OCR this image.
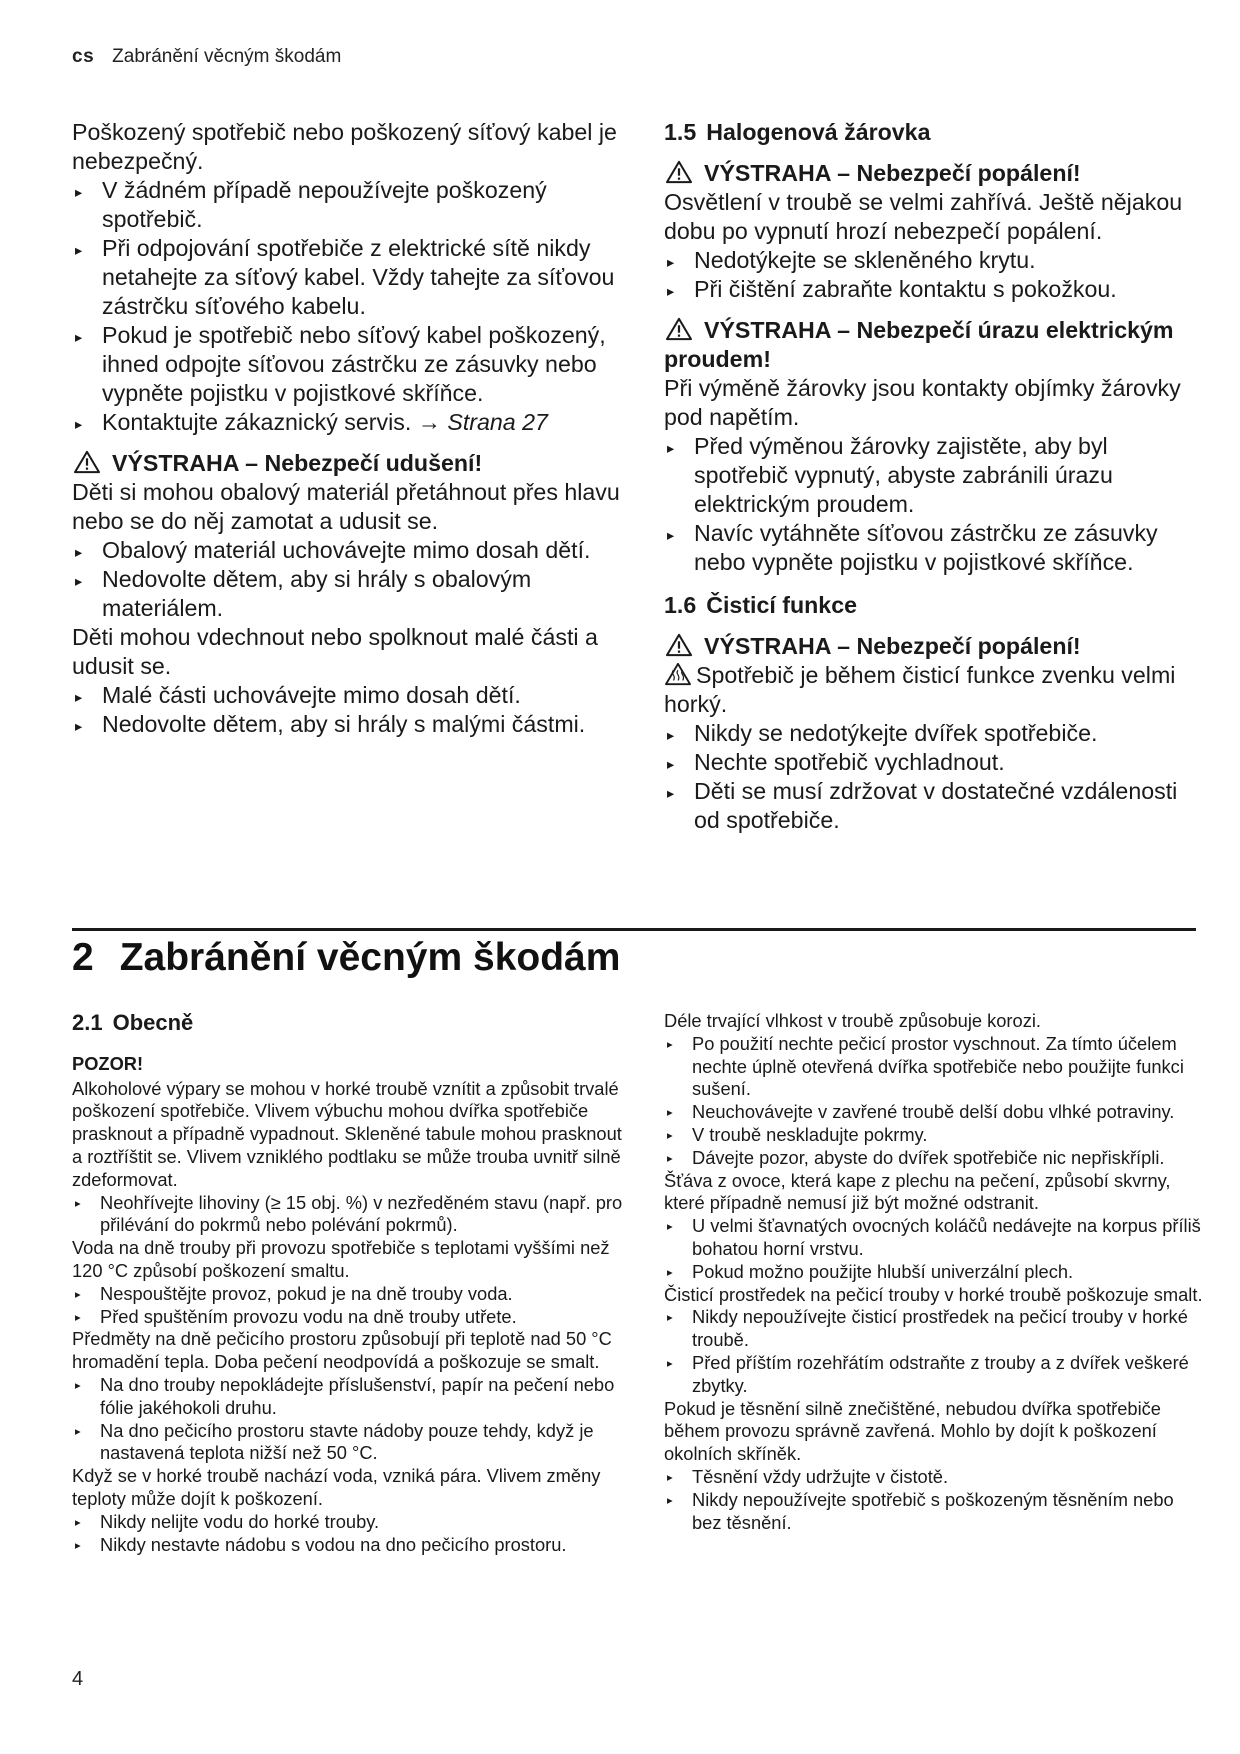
cs Zabránění věcným škodám

Poškozený spotřebič nebo poškozený síťový kabel je nebezpečný.

▸ V žádném případě nepoužívejte poškozený spotřebič.
▸ Při odpojování spotřebiče z elektrické sítě nikdy netahejte za síťový kabel. Vždy tahejte za síťovou zástrčku síťového kabelu.
▸ Pokud je spotřebič nebo síťový kabel poškozený, ihned odpojte síťovou zástrčku ze zásuvky nebo vypněte pojistku v pojistkové skříňce.
▸ Kontaktujte zákaznický servis. → Strana 27
VÝSTRAHA – Nebezpečí udušení!

Děti si mohou obalový materiál přetáhnout přes hlavu nebo se do něj zamotat a udusit se.

▸ Obalový materiál uchovávejte mimo dosah dětí.
▸ Nedovolte dětem, aby si hrály s obalovým materiálem.

Děti mohou vdechnout nebo spolknout malé části a udusit se.

▸ Malé části uchovávejte mimo dosah dětí.
▸ Nedovolte dětem, aby si hrály s malými částmi.
1.5 Halogenová žárovka
VÝSTRAHA – Nebezpečí popálení!

Osvětlení v troubě se velmi zahřívá. Ještě nějakou dobu po vypnutí hrozí nebezpečí popálení.

▸ Nedotýkejte se skleněného krytu.
▸ Při čištění zabraňte kontaktu s pokožkou.
VÝSTRAHA – Nebezpečí úrazu elektrickým proudem!

Při výměně žárovky jsou kontakty objímky žárovky pod napětím.

▸ Před výměnou žárovky zajistěte, aby byl spotřebič vypnutý, abyste zabránili úrazu elektrickým proudem.
▸ Navíc vytáhněte síťovou zástrčku ze zásuvky nebo vypněte pojistku v pojistkové skříňce.
1.6 Čisticí funkce
VÝSTRAHA – Nebezpečí popálení!

Spotřebič je během čisticí funkce zvenku velmi horký.

▸ Nikdy se nedotýkejte dvířek spotřebiče.
▸ Nechte spotřebič vychladnout.
▸ Děti se musí zdržovat v dostatečné vzdálenosti od spotřebiče.
2 Zabránění věcným škodám
2.1 Obecně
POZOR!

Alkoholové výpary se mohou v horké troubě vznítit a způsobit trvalé poškození spotřebiče. Vlivem výbuchu mohou dvířka spotřebiče prasknout a případně vypadnout. Skleněné tabule mohou prasknout a roztříštit se. Vlivem vzniklého podtlaku se může trouba uvnitř silně zdeformovat.

▸ Neohřívejte lihoviny (≥ 15 obj. %) v nezředěném stavu (např. pro přilévání do pokrmů nebo polévání pokrmů).

Voda na dně trouby při provozu spotřebiče s teplotami vyššími než 120 °C způsobí poškození smaltu.

▸ Nespouštějte provoz, pokud je na dně trouby voda.
▸ Před spuštěním provozu vodu na dně trouby utřete.

Předměty na dně pečicího prostoru způsobují při teplotě nad 50 °C hromadění tepla. Doba pečení neodpovídá a poškozuje se smalt.

▸ Na dno trouby nepokládejte příslušenství, papír na pečení nebo fólie jakéhokoli druhu.
▸ Na dno pečicího prostoru stavte nádoby pouze tehdy, když je nastavená teplota nižší než 50 °C.

Když se v horké troubě nachází voda, vzniká pára. Vlivem změny teploty může dojít k poškození.

▸ Nikdy nelijte vodu do horké trouby.
▸ Nikdy nestavte nádobu s vodou na dno pečicího prostoru.

Déle trvající vlhkost v troubě způsobuje korozi.

▸ Po použití nechte pečicí prostor vyschnout. Za tímto účelem nechte úplně otevřená dvířka spotřebiče nebo použijte funkci sušení.
▸ Neuchovávejte v zavřené troubě delší dobu vlhké potraviny.
▸ V troubě neskladujte pokrmy.
▸ Dávejte pozor, abyste do dvířek spotřebiče nic nepřiskřípli.

Šťáva z ovoce, která kape z plechu na pečení, způsobí skvrny, které případně nemusí již být možné odstranit.

▸ U velmi šťavnatých ovocných koláčů nedávejte na korpus příliš bohatou horní vrstvu.
▸ Pokud možno použijte hlubší univerzální plech.

Čisticí prostředek na pečicí trouby v horké troubě poškozuje smalt.

▸ Nikdy nepoužívejte čisticí prostředek na pečicí trouby v horké troubě.
▸ Před příštím rozehřátím odstraňte z trouby a z dvířek veškeré zbytky.

Pokud je těsnění silně znečištěné, nebudou dvířka spotřebiče během provozu správně zavřená. Mohlo by dojít k poškození okolních skříněk.

▸ Těsnění vždy udržujte v čistotě.
▸ Nikdy nepoužívejte spotřebič s poškozeným těsněním nebo bez těsnění.
4
